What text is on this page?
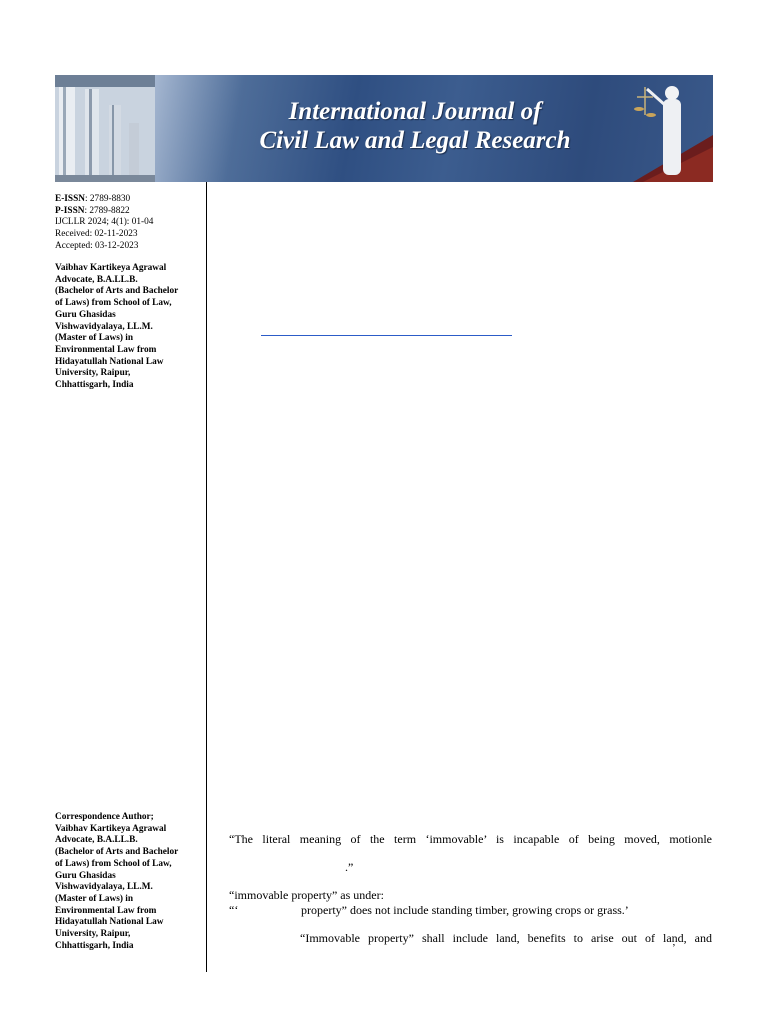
International Journal of
Civil Law and Legal Research
E-ISSN: 2789-8830
P-ISSN: 2789-8822
IJCLLR 2024; 4(1): 01-04
Received: 02-11-2023
Accepted: 03-12-2023
Vaibhav Kartikeya Agrawal
Advocate, B.A.LL.B.
(Bachelor of Arts and Bachelor
of Laws) from School of Law,
Guru Ghasidas
Vishwavidyalaya, LL.M.
(Master of Laws) in
Environmental Law from
Hidayatullah National Law
University, Raipur,
Chhattisgarh, India
Correspondence Author;
Vaibhav Kartikeya Agrawal
Advocate, B.A.LL.B.
(Bachelor of Arts and Bachelor
of Laws) from School of Law,
Guru Ghasidas
Vishwavidyalaya, LL.M.
(Master of Laws) in
Environmental Law from
Hidayatullah National Law
University, Raipur,
Chhattisgarh, India
“The literal meaning of the term ‘immovable’ is incapable of being moved, motionle
.”
“immovable property” as under:
“‘	property” does not include standing timber, growing crops or grass.’
“Immovable property” shall include land, benefits to arise out of land, and
’
